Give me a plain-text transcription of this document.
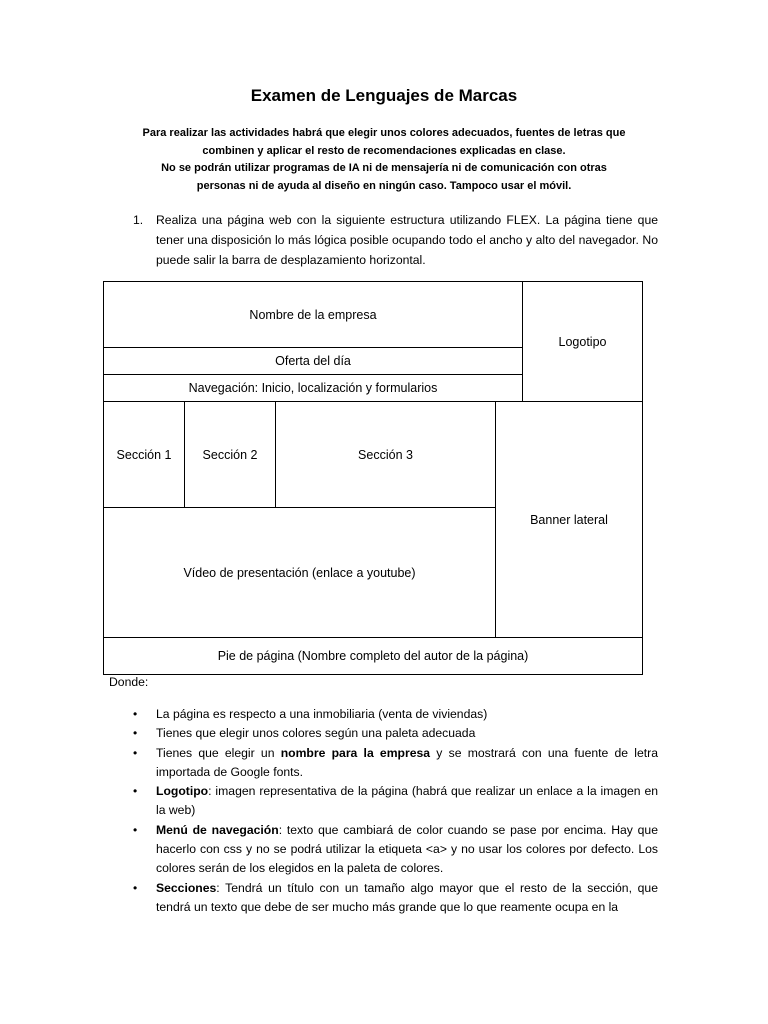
Examen de Lenguajes de Marcas
Para realizar las actividades habrá que elegir unos colores adecuados, fuentes de letras que
combinen y aplicar el resto de recomendaciones explicadas en clase.
No se podrán utilizar programas de IA ni de mensajería ni de comunicación con otras
personas ni de ayuda al diseño en ningún caso. Tampoco usar el móvil.
1. Realiza una página web con la siguiente estructura utilizando FLEX. La página tiene que tener una disposición lo más lógica posible ocupando todo el ancho y alto del navegador. No puede salir la barra de desplazamiento horizontal.
Nombre de la empresa
Logotipo
Oferta del día
Navegación: Inicio, localización y formularios
Sección 1 Sección 2	Sección 3
Banner lateral
Vídeo de presentación (enlace a youtube)
Pie de página (Nombre completo del autor de la página)
Donde:
• La página es respecto a una inmobiliaria (venta de viviendas)
• Tienes que elegir unos colores según una paleta adecuada
• Tienes que elegir un nombre para la empresa y se mostrará con una fuente de letra importada de Google fonts.
• Logotipo: imagen representativa de la página (habrá que realizar un enlace a la imagen en la web)
• Menú de navegación: texto que cambiará de color cuando se pase por encima. Hay que hacerlo con css y no se podrá utilizar la etiqueta <a> y no usar los colores por defecto. Los colores serán de los elegidos en la paleta de colores.
• Secciones: Tendrá un título con un tamaño algo mayor que el resto de la sección, que tendrá un texto que debe de ser mucho más grande que lo que reamente ocupa en la
